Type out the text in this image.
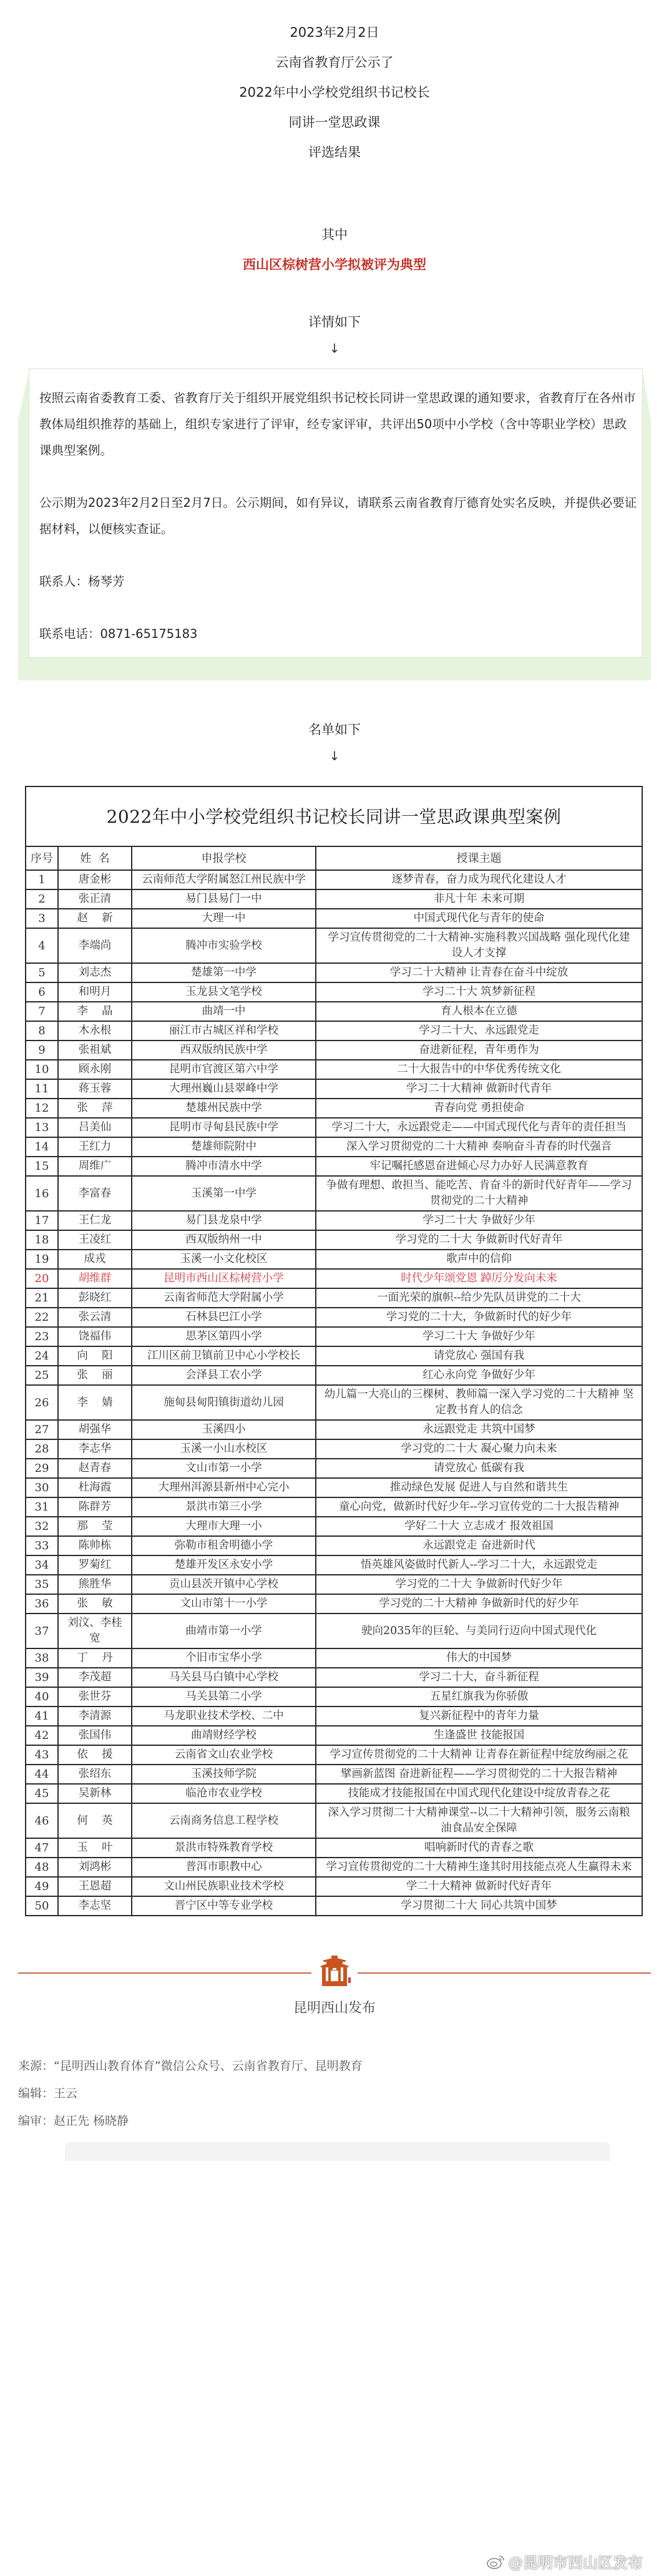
2023年2月2日
云南省教育厅公示了
2022年中小学校党组织书记校长
同讲一堂思政课
评选结果
其中
西山区棕树营小学拟被评为典型
详情如下
↓

按照云南省委教育工委、省教育厅关于组织开展党组织书记校长同讲一堂思政课的通知要求，省教育厅在各州市教体局组织推荐的基础上，组织专家进行了评审，经专家评审，共评出50项中小学校（含中等职业学校）思政课典型案例。

公示期为2023年2月2日至2月7日。公示期间，如有异议，请联系云南省教育厅德育处实名反映，并提供必要证据材料，以便核实查证。

联系人：杨琴芳

联系电话：0871-65175183

名单如下
↓
2022年中小学校党组织书记校长同讲一堂思政课典型案例			
序号	姓  名	申报学校	授课主题
1	唐金彬	云南师范大学附属怒江州民族中学	逐梦青春，奋力成为现代化建设人才
2	张正清	易门县易门一中	非凡十年 未来可期
3	赵    新	大理一中	中国式现代化与青年的使命
4	李端尚	腾冲市实验学校	学习宣传贯彻党的二十大精神-实施科教兴国战略 强化现代化建设人才支撑
5	刘志杰	楚雄第一中学	学习二十大精神 让青春在奋斗中绽放
6	和明月	玉龙县文笔学校	学习二十大 筑梦新征程
7	李    晶	曲靖一中	育人根本在立德
8	木永根	丽江市古城区祥和学校	学习二十大、永远跟党走
9	张祖斌	西双版纳民族中学	奋进新征程，青年勇作为
10	顾永刚	昆明市官渡区第六中学	二十大报告中的中华优秀传统文化
11	蒋玉蓉	大理州巍山县翠峰中学	学习二十大精神 做新时代青年
12	张    萍	楚雄州民族中学	青春向党 勇担使命
13	吕美仙	昆明市寻甸县民族中学	学习二十大，永远跟党走——中国式现代化与青年的责任担当
14	王红力	楚雄师院附中	深入学习贯彻党的二十大精神 奏响奋斗青春的时代强音
15	周维广	腾冲市清水中学	牢记嘱托感恩奋进倾心尽力办好人民满意教育
16	李富春	玉溪第一中学	争做有理想、敢担当、能吃苦、肯奋斗的新时代好青年——学习贯彻党的二十大精神
17	王仁龙	易门县龙泉中学	学习二十大 争做好少年
18	王凌红	西双版纳州一中	学习党的二十大 争做新时代好青年
19	成戎	玉溪一小文化校区	歌声中的信仰
20	胡维群	昆明市西山区棕树营小学	时代少年颂党恩 踔厉分发向未来
21	彭晓红	云南省师范大学附属小学	一面光荣的旗帜--给少先队员讲党的二十大
22	张云清	石林县巴江小学	学习党的二十大，争做新时代的好少年
23	饶福伟	思茅区第四小学	学习二十大 争做好少年
24	向    阳	江川区前卫镇前卫中心小学校长	请党放心 强国有我
25	张    丽	会泽县工农小学	红心永向党 争做好少年
26	李    婧	施甸县甸阳镇街道幼儿园	幼儿篇一大亮山的三棵树、教师篇一深入学习党的二十大精神 坚定教书育人的信念
27	胡强华	玉溪四小	永远跟党走 共筑中国梦
28	李志华	玉溪一小山水校区	学习党的二十大 凝心聚力向未来
29	赵青春	文山市第一小学	请党放心 低碳有我
30	杜海霞	大理州洱源县新州中心完小	推动绿色发展 促进人与自然和谐共生
31	陈群芳	景洪市第三小学	童心向党，做新时代好少年--学习宣传党的二十大报告精神
32	那    莹	大理市大理一小	学好二十大 立志成才 报效祖国
33	陈帅栋	弥勒市租舍明德小学	永远跟党走 奋进新时代
34	罗菊红	楚雄开发区永安小学	悟英雄风姿做时代新人--学习二十大，永远跟党走
35	熊胜华	贡山县茨开镇中心学校	学习党的二十大 争做新时代好少年
36	张    敏	文山市第十一小学	学习党的二十大精神 争做新时代的好少年
37	刘汶、李桂宽	曲靖市第一小学	驶向2035年的巨轮、与美同行迈向中国式现代化
38	丁    丹	个旧市宝华小学	伟大的中国梦
39	李茂超	马关县马白镇中心学校	学习二十大，奋斗新征程
40	张世芬	马关县第二小学	五星红旗我为你骄傲
41	李清源	马龙职业技术学校、二中	复兴新征程中的青年力量
42	张国伟	曲靖财经学校	生逢盛世 技能报国
43	依    援	云南省文山农业学校	学习宣传贯彻党的二十大精神 让青春在新征程中绽放绚丽之花
44	张绍东	玉溪技师学院	擘画新蓝图 奋进新征程——学习贯彻党的二十大报告精神
45	吴新林	临沧市农业学校	技能成才技能报国在中国式现代化建设中绽放青春之花
46	何    英	云南商务信息工程学校	深入学习贯彻二十大精神课堂--以二十大精神引领，服务云南粮油食品安全保障
47	玉    叶	景洪市特殊教育学校	唱响新时代的青春之歌
48	刘鸿彬	普洱市职教中心	学习宣传贯彻党的二十大精神生逢其时用技能点亮人生赢得未来
49	王恩超	文山州民族职业技术学校	学二十大精神 做新时代好青年
50	李志坚	晋宁区中等专业学校	学习贯彻二十大 同心共筑中国梦
昆明西山发布
来源：“昆明西山教育体育”微信公众号、云南省教育厅、昆明教育
编辑：王云
编审：赵正先 杨晓静
@昆明市西山区发布
